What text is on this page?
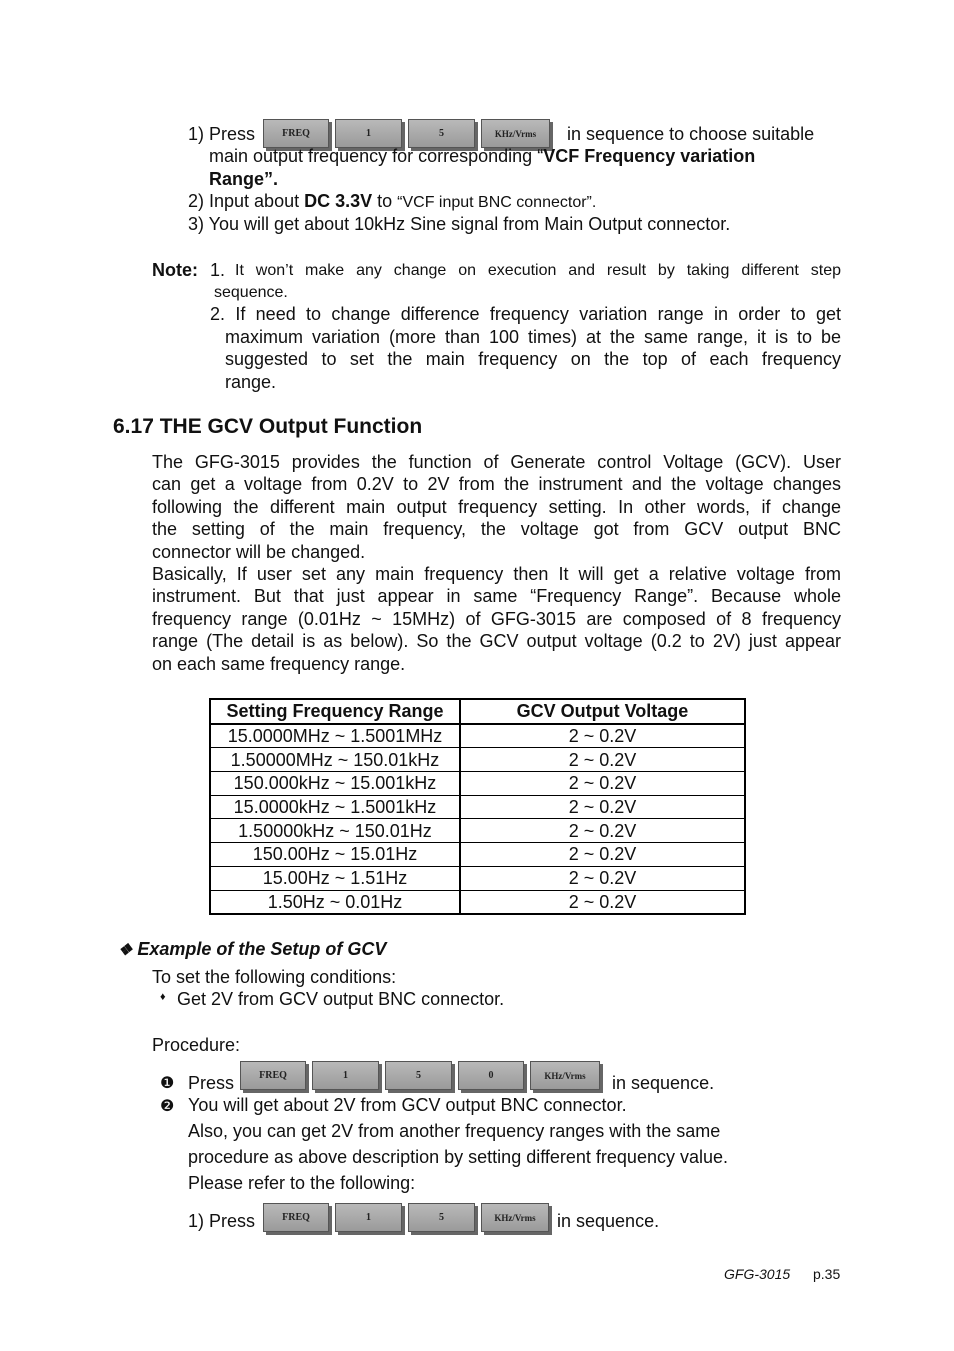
1) Press	FREQ	1	5	KHz/Vrms	in sequence to choose suitable
main output frequency for corresponding “VCF Frequency variation
Range”.
2) Input about DC 3.3V to “VCF input BNC connector”.
3) You will get about 10kHz Sine signal from Main Output connector.
Note: 1. It won’t make any change on execution and result by taking different step
sequence.
2. If need to change difference frequency variation range in order to get
maximum variation (more than 100 times) at the same range, it is to be
suggested to set the main frequency on the top of each frequency
range.
6.17 THE GCV Output Function
The GFG-3015 provides the function of Generate control Voltage (GCV). User
can get a voltage from 0.2V to 2V from the instrument and the voltage changes
following the different main output frequency setting. In other words, if change
the setting of the main frequency, the voltage got from GCV output BNC
connector will be changed.
Basically, If user set any main frequency then It will get a relative voltage from
instrument. But that just appear in same “Frequency Range”. Because whole
frequency range (0.01Hz ~ 15MHz) of GFG-3015 are composed of 8 frequency
range (The detail is as below). So the GCV output voltage (0.2 to 2V) just appear
on each same frequency range.
Setting Frequency Range	GCV Output Voltage
15.0000MHz ~ 1.5001MHz	2 ~ 0.2V
1.50000MHz ~ 150.01kHz	2 ~ 0.2V
150.000kHz ~ 15.001kHz	2 ~ 0.2V
15.0000kHz ~ 1.5001kHz	2 ~ 0.2V
1.50000kHz ~ 150.01Hz	2 ~ 0.2V
150.00Hz ~ 15.01Hz	2 ~ 0.2V
15.00Hz ~ 1.51Hz	2 ~ 0.2V
1.50Hz ~ 0.01Hz	2 ~ 0.2V
❖ Example of the Setup of GCV
To set the following conditions:
♦ Get 2V from GCV output BNC connector.
Procedure:
❶ Press	FREQ	1	5	0	KHz/Vrms	in sequence.
❷ You will get about 2V from GCV output BNC connector.
Also, you can get 2V from another frequency ranges with the same
procedure as above description by setting different frequency value.
Please refer to the following:
1) Press	FREQ	1	5	KHz/Vrms	in sequence.
GFG-3015 p.35
